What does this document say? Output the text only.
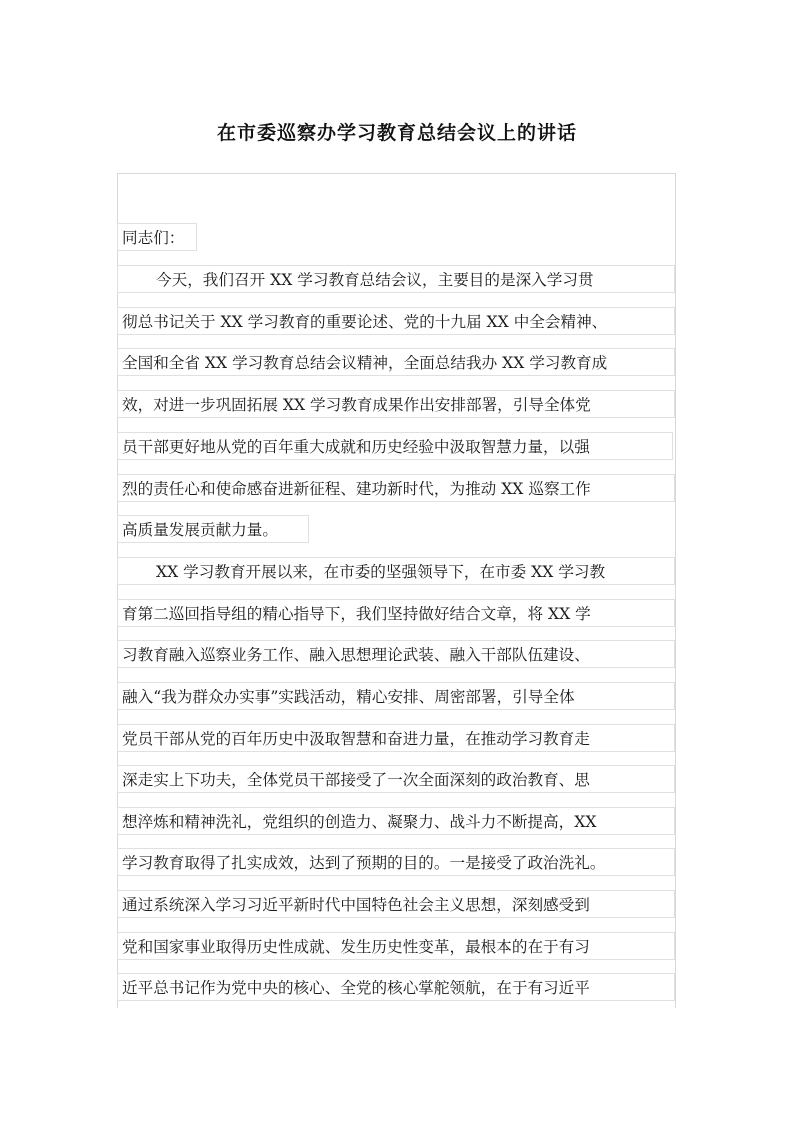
在市委巡察办学习教育总结会议上的讲话
同志们：
今天，我们召开 XX 学习教育总结会议，主要目的是深入学习贯
彻总书记关于 XX 学习教育的重要论述、党的十九届 XX 中全会精神、
全国和全省 XX 学习教育总结会议精神，全面总结我办 XX 学习教育成
效，对进一步巩固拓展 XX 学习教育成果作出安排部署，引导全体党
员干部更好地从党的百年重大成就和历史经验中汲取智慧力量，以强
烈的责任心和使命感奋进新征程、建功新时代，为推动 XX 巡察工作
高质量发展贡献力量。
XX 学习教育开展以来，在市委的坚强领导下，在市委 XX 学习教
育第二巡回指导组的精心指导下，我们坚持做好结合文章，将 XX 学
习教育融入巡察业务工作、融入思想理论武装、融入干部队伍建设、
融入“我为群众办实事”实践活动，精心安排、周密部署，引导全体
党员干部从党的百年历史中汲取智慧和奋进力量，在推动学习教育走
深走实上下功夫，全体党员干部接受了一次全面深刻的政治教育、思
想淬炼和精神洗礼，党组织的创造力、凝聚力、战斗力不断提高，XX
学习教育取得了扎实成效，达到了预期的目的。一是接受了政治洗礼。
通过系统深入学习习近平新时代中国特色社会主义思想，深刻感受到
党和国家事业取得历史性成就、发生历史性变革，最根本的在于有习
近平总书记作为党中央的核心、全党的核心掌舵领航，在于有习近平
